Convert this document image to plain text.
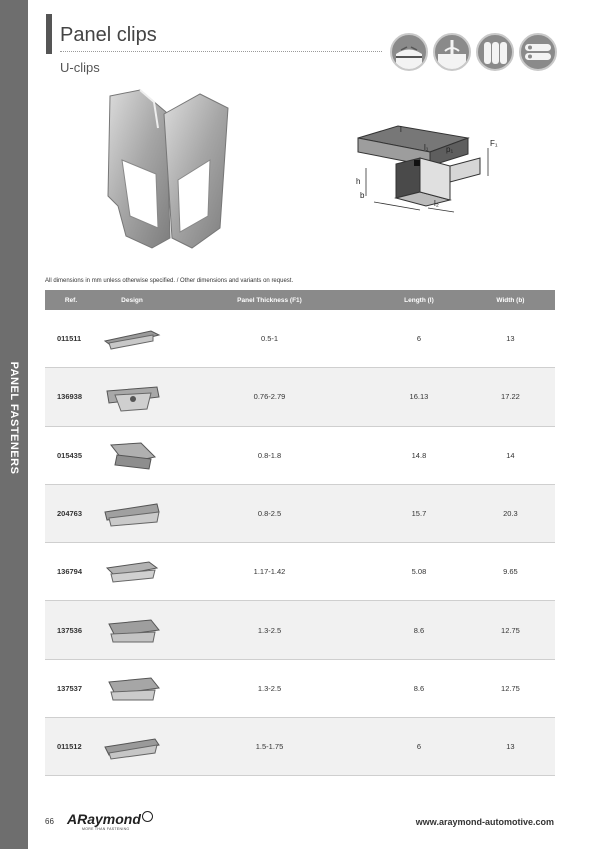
PANEL FASTENERS
Panel clips
U-clips
l
l₁ p₁
F₁
h
b
l₂
All dimensions in mm unless otherwise specified. / Other dimensions and variants on request.
Ref.	Design	Panel Thickness (F1)	Length (l)	Width (b)
011511		0.5-1	6	13
136938		0.76-2.79	16.13	17.22
015435		0.8-1.8	14.8	14
204763		0.8-2.5	15.7	20.3
136794		1.17-1.42	5.08	9.65
137536		1.3-2.5	8.6	12.75
137537		1.3-2.5	8.6	12.75
011512		1.5-1.75	6	13
66 ARaymond
MORE THAN FASTENING
www.araymond-automotive.com
